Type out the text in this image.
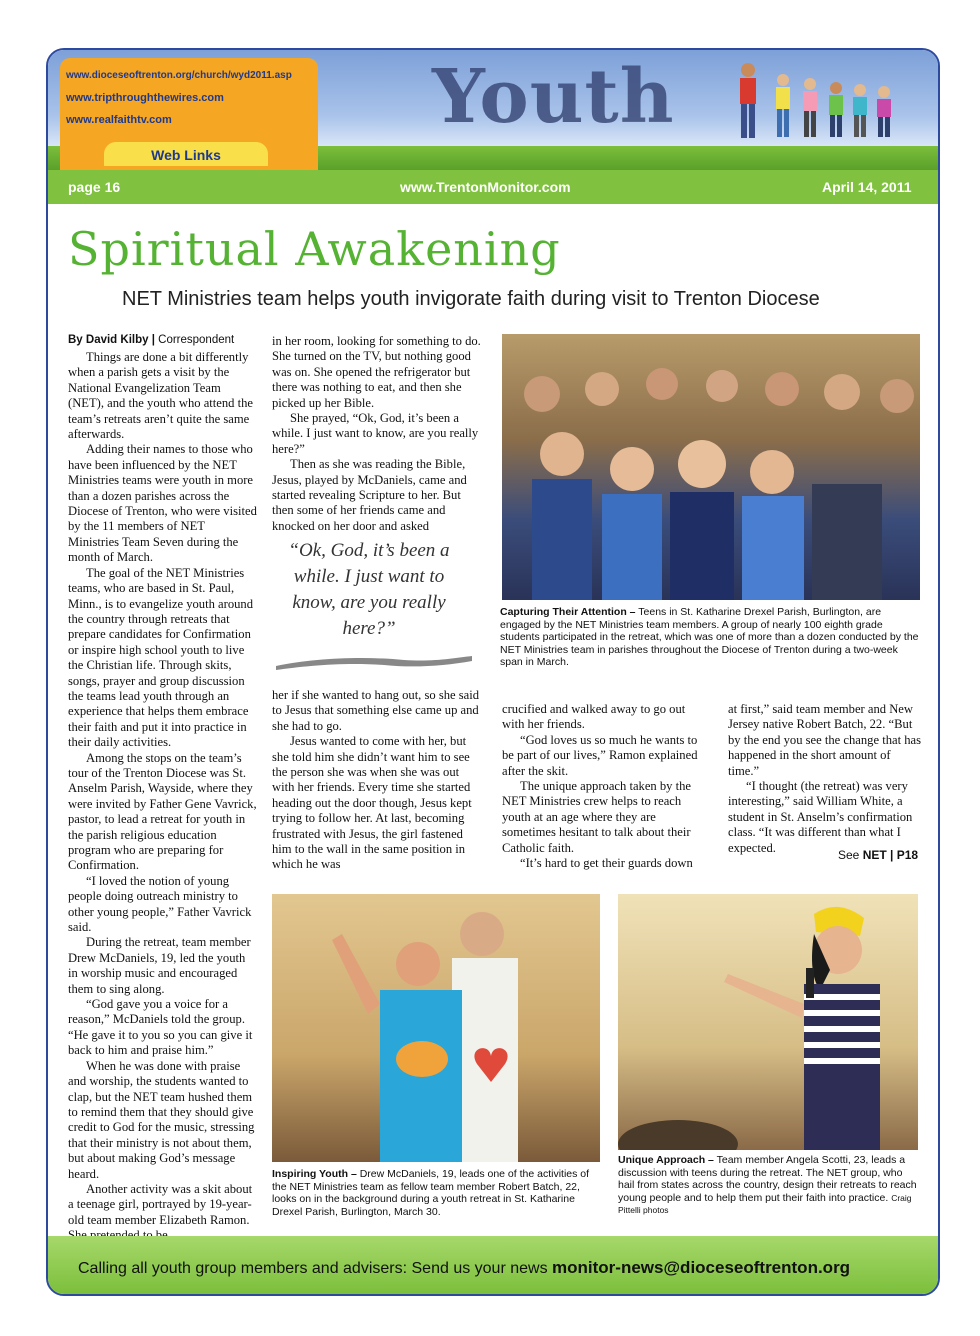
Youth
www.dioceseoftrenton.org/church/wyd2011.asp
www.tripthroughthewires.com
www.realfaithtv.com
Web Links
page 16	www.TrentonMonitor.com	April 14, 2011
Spiritual Awakening
NET Ministries team helps youth invigorate faith during visit to Trenton Diocese
By David Kilby | Correspondent

Things are done a bit differently when a parish gets a visit by the National Evangelization Team (NET), and the youth who attend the team’s retreats aren’t quite the same afterwards.

Adding their names to those who have been influenced by the NET Ministries teams were youth in more than a dozen parishes across the Diocese of Trenton, who were visited by the 11 members of NET Ministries Team Seven during the month of March.

The goal of the NET Ministries teams, who are based in St. Paul, Minn., is to evangelize youth around the country through retreats that prepare candidates for Confirmation or inspire high school youth to live the Christian life. Through skits, songs, prayer and group discussion the teams lead youth through an experience that helps them embrace their faith and put it into practice in their daily activities.

Among the stops on the team’s tour of the Trenton Diocese was St. Anselm Parish, Wayside, where they were invited by Father Gene Vavrick, pastor, to lead a retreat for youth in the parish religious education program who are preparing for Confirmation.

“I loved the notion of young people doing outreach ministry to other young people,” Father Vavrick said.

During the retreat, team member Drew McDaniels, 19, led the youth in worship music and encouraged them to sing along.

“God gave you a voice for a reason,” McDaniels told the group. “He gave it to you so you can give it back to him and praise him.”

When he was done with praise and worship, the students wanted to clap, but the NET team hushed them to remind them that they should give credit to God for the music, stressing that their ministry is not about them, but about making God’s message heard.

Another activity was a skit about a teenage girl, portrayed by 19-year-old team member Elizabeth Ramon.

in her room, looking for something to do. She turned on the TV, but nothing good was on. She opened the refrigerator but there was nothing to eat, and then she picked up her Bible.

She prayed, “Ok, God, it’s been a while. I just want to know, are you really here?”

Then as she was reading the Bible, Jesus, played by McDaniels, came and started revealing Scripture to her. But then some of her friends came and knocked on her door and asked

“Ok, God, it’s been a while. I just want to know, are you really here?”

her if she wanted to hang out, so she said to Jesus that something else came up and she had to go.

Jesus wanted to come with her, but she told him she didn’t want him to see the person she was when she was out with her friends. Every time she started heading out the door though, Jesus kept trying to follow her. At last, becoming frustrated with Jesus, the girl fastened him to the wall in the same position in which he was

Capturing Their Attention – Teens in St. Katharine Drexel Parish, Burlington, are engaged by the NET Ministries team members. A group of nearly 100 eighth grade students participated in the retreat, which was one of more than a dozen conducted by the NET Ministries team in parishes throughout the Diocese of Trenton during a two-week span in March.

crucified and walked away to go out with her friends.

“God loves us so much he wants to be part of our lives,” Ramon explained after the skit.

The unique approach taken by the NET Ministries crew helps to reach youth at an age where they are sometimes hesitant to talk about their Catholic faith.

“It’s hard to get their guards down

at first,” said team member and New Jersey native Robert Batch, 22. “But by the end you see the change that has happened in the short amount of time.”

“I thought (the retreat) was very interesting,” said William White, a student in St. Anselm’s confirmation class. “It was different than what I expected.

See NET | P18
Inspiring Youth – Drew McDaniels, 19, leads one of the activities of the NET Ministries team as fellow team member Robert Batch, 22, looks on in the background during a youth retreat in St. Katharine Drexel Parish, Burlington, March 30.
Unique Approach – Team member Angela Scotti, 23, leads a discussion with teens during the retreat. The NET group, who hail from states across the country, design their retreats to reach young people and to help them put their faith into practice. Craig Pittelli photos
Calling all youth group members and advisers: Send us your news monitor-news@dioceseoftrenton.org
